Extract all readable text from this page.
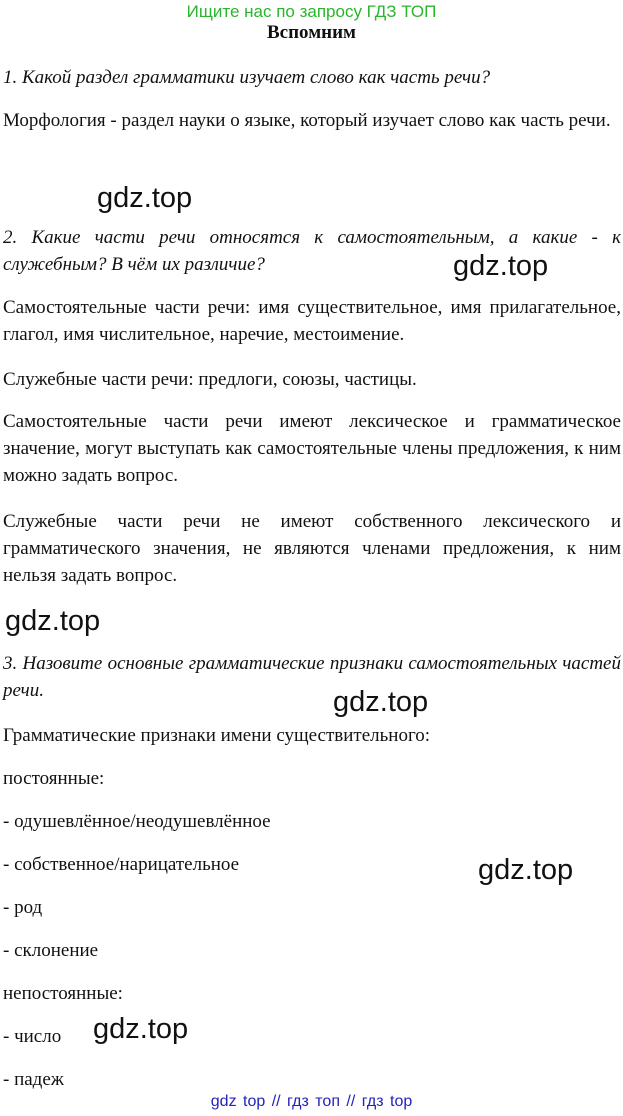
Ищите нас по запросу ГДЗ ТОП
Вспомним
1. Какой раздел грамматики изучает слово как часть речи?
Морфология - раздел науки о языке, который изучает слово как часть речи.
gdz.top
2. Какие части речи относятся к самостоятельным, а какие - к служебным? В чём их различие?	gdz.top
Самостоятельные части речи: имя существительное, имя прилагательное, глагол, имя числительное, наречие, местоимение.
Служебные части речи: предлоги, союзы, частицы.
Самостоятельные части речи имеют лексическое и грамматическое значение, могут выступать как самостоятельные члены предложения, к ним можно задать вопрос.
Служебные части речи не имеют собственного лексического и грамматического значения, не являются членами предложения, к ним нельзя задать вопрос.
gdz.top
3. Назовите основные грамматические признаки самостоятельных частей речи.	gdz.top
Грамматические признаки имени существительного:
постоянные:
- одушевлённое/неодушевлённое
- собственное/нарицательное	gdz.top
- род
- склонение
непостоянные:
- число	gdz.top
- падеж
gdz top // гдз топ // гдз top
